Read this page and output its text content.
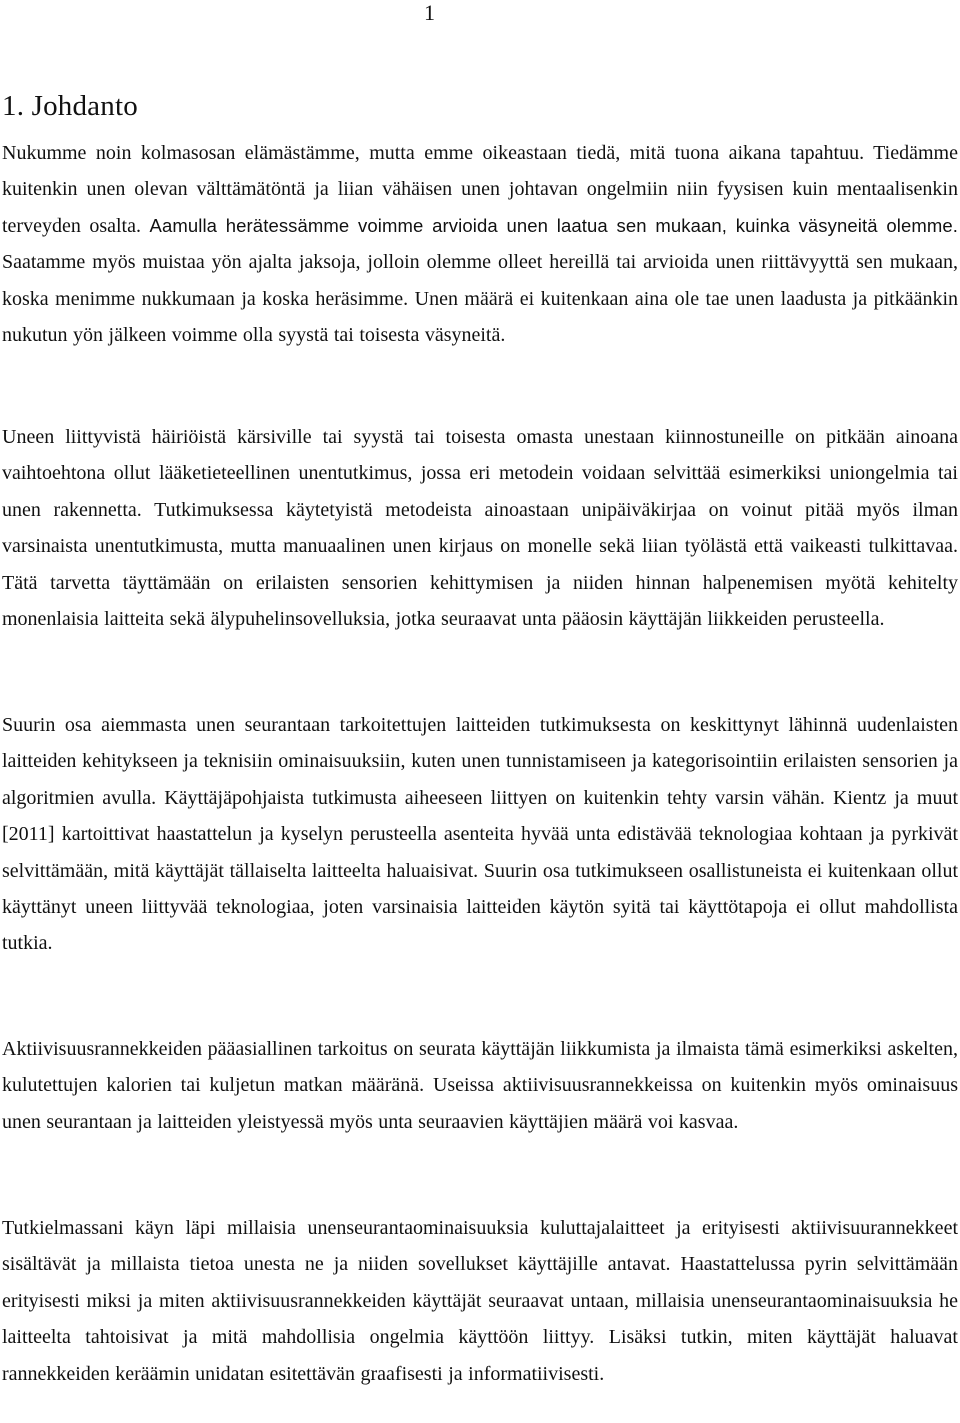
1
1. Johdanto

Nukumme noin kolmasosan elämästämme, mutta emme oikeastaan tiedä, mitä tuona aikana tapahtuu. Tiedämme kuitenkin unen olevan välttämätöntä ja liian vähäisen unen johtavan ongelmiin niin fyysisen kuin mentaalisenkin terveyden osalta. Aamulla herätessämme voimme arvioida unen laatua sen mukaan, kuinka väsyneitä olemme. Saatamme myös muistaa yön ajalta jaksoja, jolloin olemme olleet hereillä tai arvioida unen riittävyyttä sen mukaan, koska menimme nukkumaan ja koska heräsimme. Unen määrä ei kuitenkaan aina ole tae unen laadusta ja pitkäänkin nukutun yön jälkeen voimme olla syystä tai toisesta väsyneitä.

Uneen liittyvistä häiriöistä kärsiville tai syystä tai toisesta omasta unestaan kiinnostuneille on pitkään ainoana vaihtoehtona ollut lääketieteellinen unentutkimus, jossa eri metodein voidaan selvittää esimerkiksi uniongelmia tai unen rakennetta. Tutkimuksessa käytetyistä metodeista ainoastaan unipäiväkirjaa on voinut pitää myös ilman varsinaista unentutkimusta, mutta manuaalinen unen kirjaus on monelle sekä liian työlästä että vaikeasti tulkittavaa. Tätä tarvetta täyttämään on erilaisten sensorien kehittymisen ja niiden hinnan halpenemisen myötä kehitelty monenlaisia laitteita sekä älypuhelinsovelluksia, jotka seuraavat unta pääosin käyttäjän liikkeiden perusteella.

Suurin osa aiemmasta unen seurantaan tarkoitettujen laitteiden tutkimuksesta on keskittynyt lähinnä uudenlaisten laitteiden kehitykseen ja teknisiin ominaisuuksiin, kuten unen tunnistamiseen ja kategorisointiin erilaisten sensorien ja algoritmien avulla. Käyttäjäpohjaista tutkimusta aiheeseen liittyen on kuitenkin tehty varsin vähän. Kientz ja muut [2011] kartoittivat haastattelun ja kyselyn perusteella asenteita hyvää unta edistävää teknologiaa kohtaan ja pyrkivät selvittämään, mitä käyttäjät tällaiselta laitteelta haluaisivat. Suurin osa tutkimukseen osallistuneista ei kuitenkaan ollut käyttänyt uneen liittyvää teknologiaa, joten varsinaisia laitteiden käytön syitä tai käyttötapoja ei ollut mahdollista tutkia.

Aktiivisuusrannekkeiden pääasiallinen tarkoitus on seurata käyttäjän liikkumista ja ilmaista tämä esimerkiksi askelten, kulutettujen kalorien tai kuljetun matkan määränä. Useissa aktiivisuusrannekkeissa on kuitenkin myös ominaisuus unen seurantaan ja laitteiden yleistyessä myös unta seuraavien käyttäjien määrä voi kasvaa.

Tutkielmassani käyn läpi millaisia unenseurantaominaisuuksia kuluttajalaitteet ja erityisesti aktiivisuurannekkeet sisältävät ja millaista tietoa unesta ne ja niiden sovellukset käyttäjille antavat. Haastattelussa pyrin selvittämään erityisesti miksi ja miten aktiivisuusrannekkeiden käyttäjät seuraavat untaan, millaisia unenseurantaominaisuuksia he laitteelta tahtoisivat ja mitä mahdollisia ongelmia käyttöön liittyy. Lisäksi tutkin, miten käyttäjät haluavat rannekkeiden keräämin unidatan esitettävän graafisesti ja informatiivisesti.
